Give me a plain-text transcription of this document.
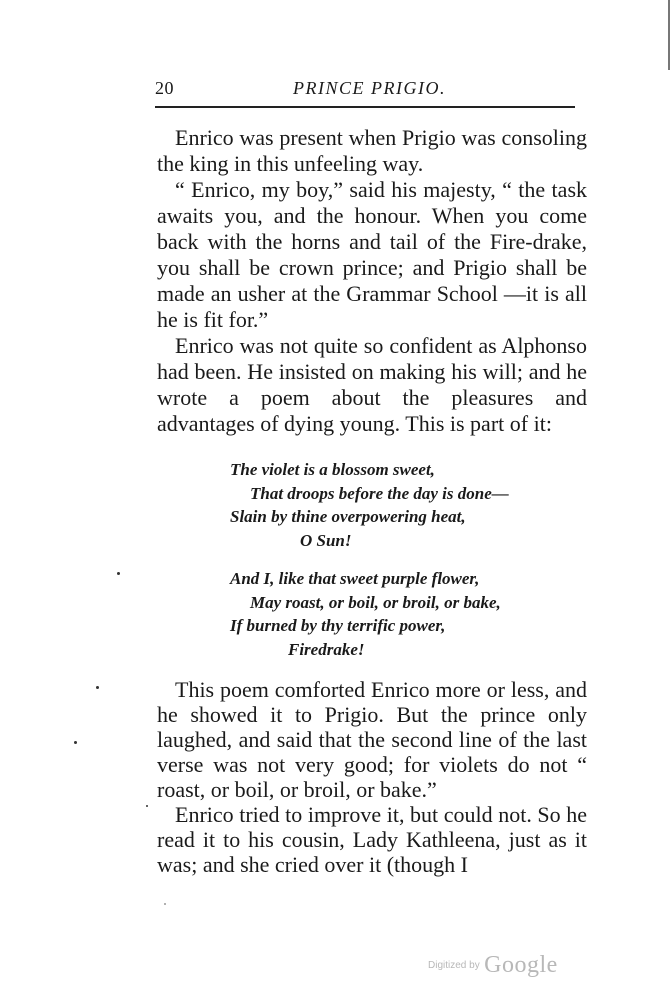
20	PRINCE PRIGIO.

Enrico was present when Prigio was consoling the king in this unfeeling way.

“ Enrico, my boy,” said his majesty, “ the task awaits you, and the honour. When you come back with the horns and tail of the Fire-drake, you shall be crown prince; and Prigio shall be made an usher at the Grammar School —it is all he is fit for.”

Enrico was not quite so confident as Alphonso had been. He insisted on making his will; and he wrote a poem about the pleasures and advantages of dying young. This is part of it:

The violet is a blossom sweet,
That droops before the day is done—
Slain by thine overpowering heat,
O Sun!
And I, like that sweet purple flower,
May roast, or boil, or broil, or bake,
If burned by thy terrific power,
Firedrake!

This poem comforted Enrico more or less, and he showed it to Prigio. But the prince only laughed, and said that the second line of the last verse was not very good; for violets do not “ roast, or boil, or broil, or bake.”

Enrico tried to improve it, but could not. So he read it to his cousin, Lady Kathleena, just as it was; and she cried over it (though I

Digitized by Google
